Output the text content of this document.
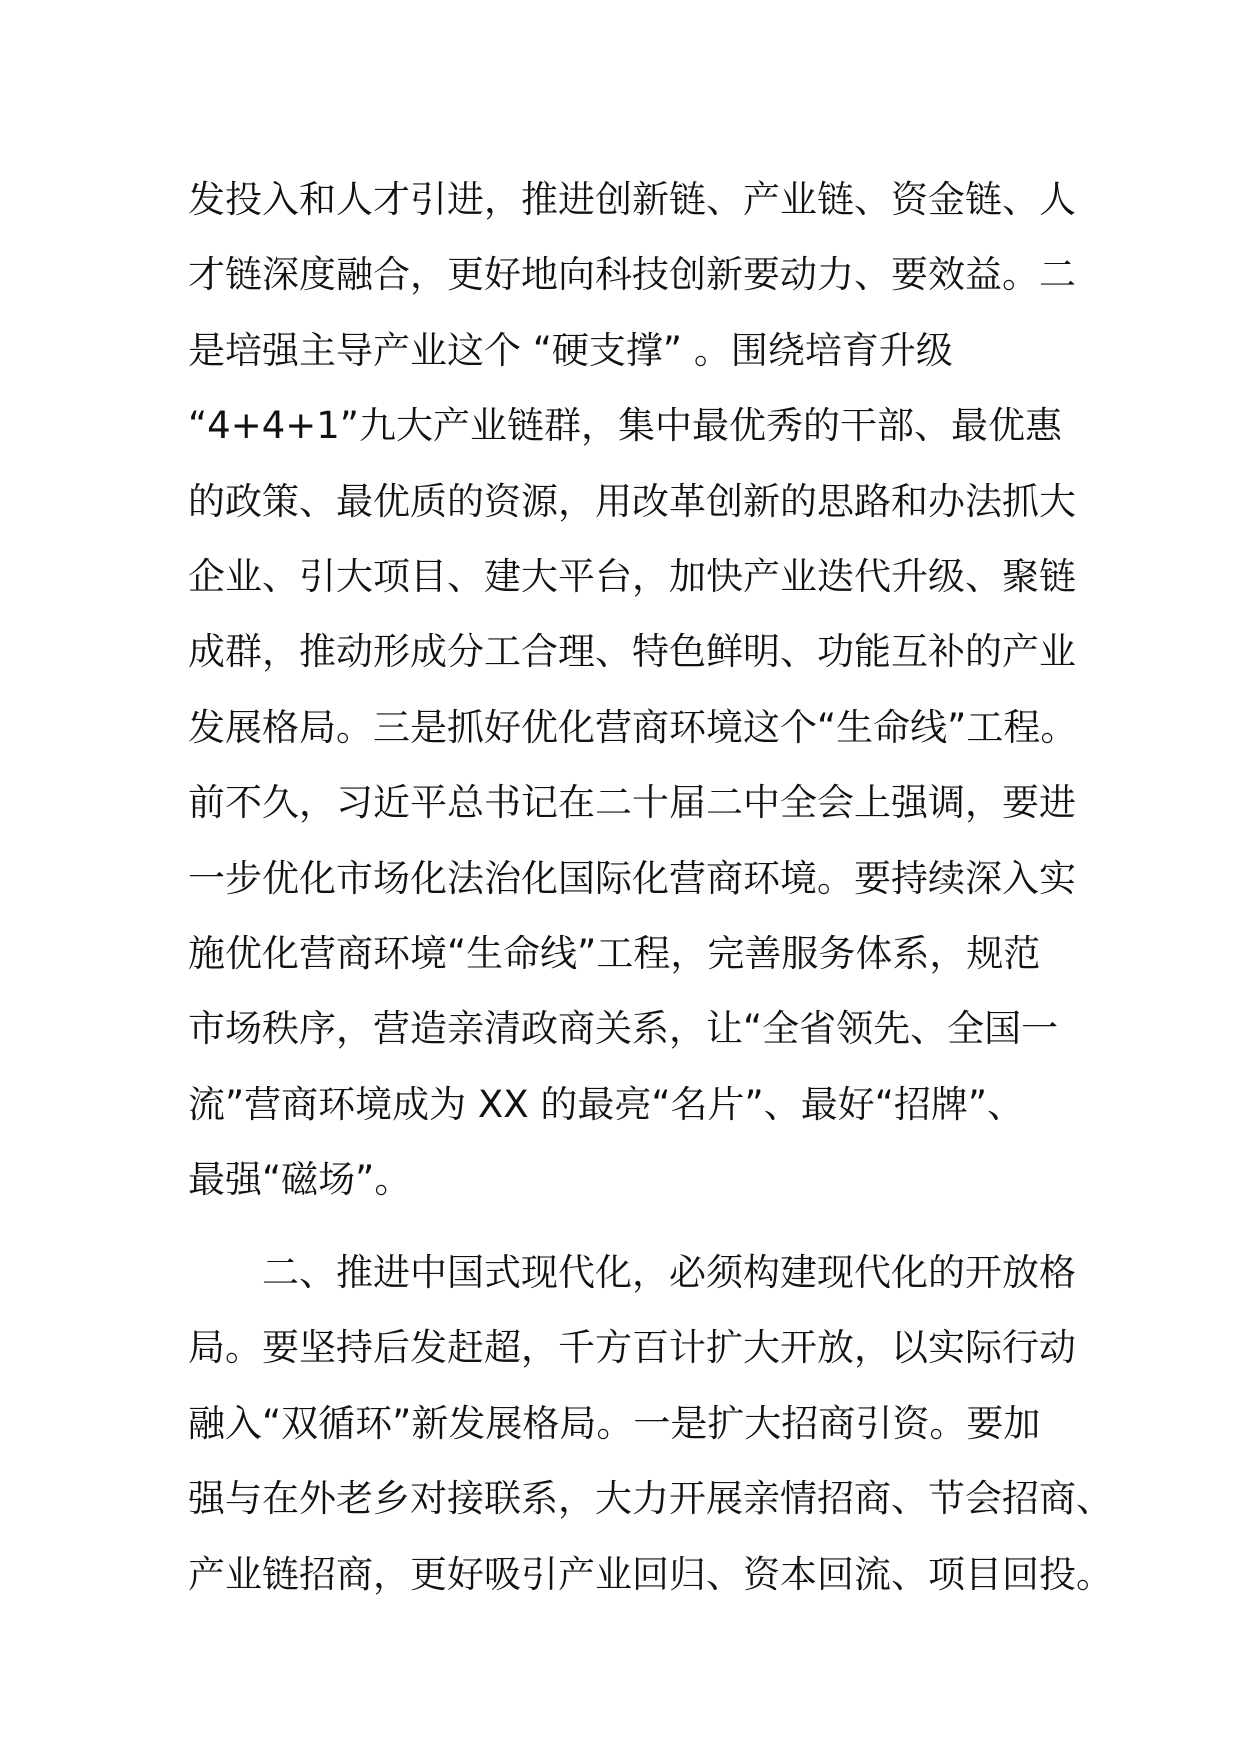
发投入和人才引进，推进创新链、产业链、资金链、人
才链深度融合，更好地向科技创新要动力、要效益。二
是培强主导产业这个 “硬支撑” 。围绕培育升级
“4+4+1”九大产业链群，集中最优秀的干部、最优惠
的政策、最优质的资源，用改革创新的思路和办法抓大
企业、引大项目、建大平台，加快产业迭代升级、聚链
成群，推动形成分工合理、特色鲜明、功能互补的产业
发展格局。三是抓好优化营商环境这个“生命线”工程。
前不久，习近平总书记在二十届二中全会上强调，要进
一步优化市场化法治化国际化营商环境。要持续深入实
施优化营商环境“生命线”工程，完善服务体系，规范
市场秩序，营造亲清政商关系，让“全省领先、全国一
流”营商环境成为 XX 的最亮“名片”、最好“招牌”、
最强“磁场”。
　　二、推进中国式现代化，必须构建现代化的开放格
局。要坚持后发赶超，千方百计扩大开放，以实际行动
融入“双循环”新发展格局。一是扩大招商引资。要加
强与在外老乡对接联系，大力开展亲情招商、节会招商、
产业链招商，更好吸引产业回归、资本回流、项目回投。
